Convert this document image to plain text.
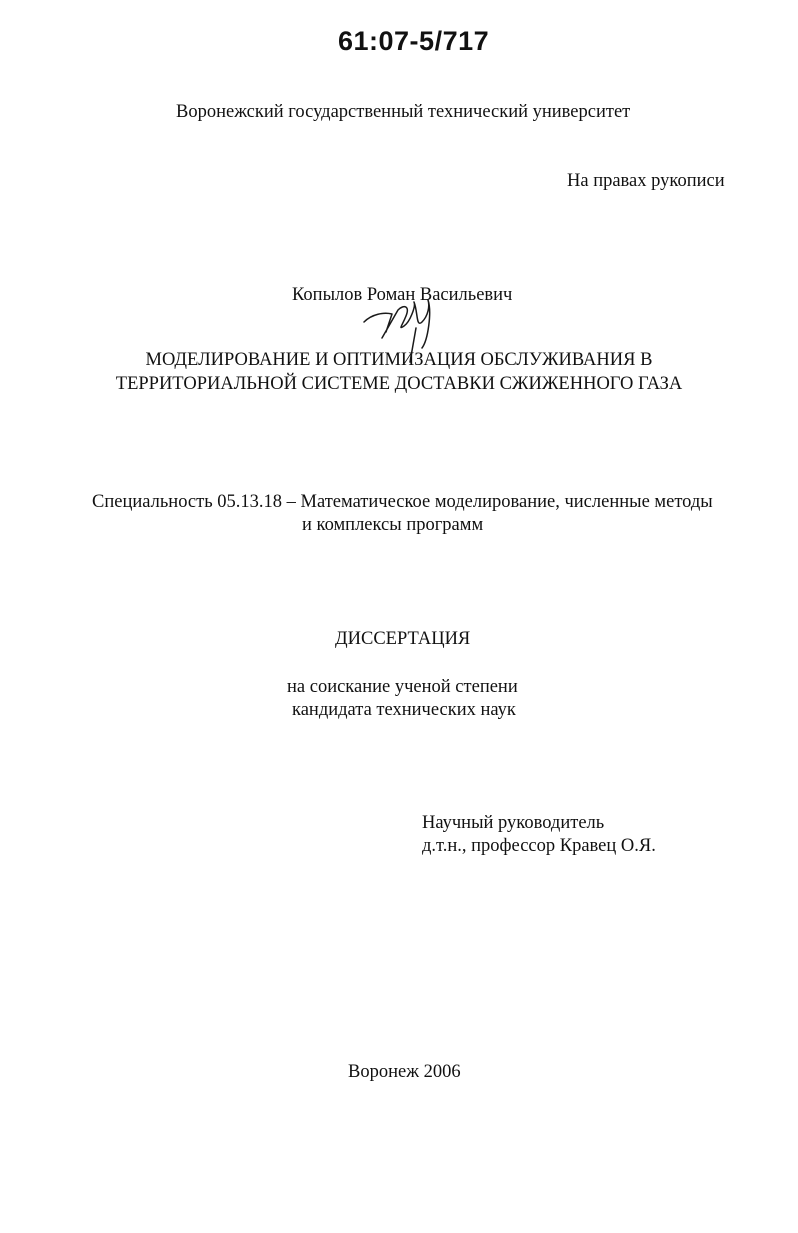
61:07-5/717
Воронежский государственный технический университет
На правах рукописи
Копылов Роман Васильевич
МОДЕЛИРОВАНИЕ И ОПТИМИЗАЦИЯ ОБСЛУЖИВАНИЯ В
ТЕРРИТОРИАЛЬНОЙ СИСТЕМЕ ДОСТАВКИ СЖИЖЕННОГО ГАЗА
Специальность 05.13.18 – Математическое моделирование, численные методы
и комплексы программ
ДИССЕРТАЦИЯ
на соискание ученой степени
кандидата технических наук
Научный руководитель
д.т.н., профессор Кравец О.Я.
Воронеж 2006
